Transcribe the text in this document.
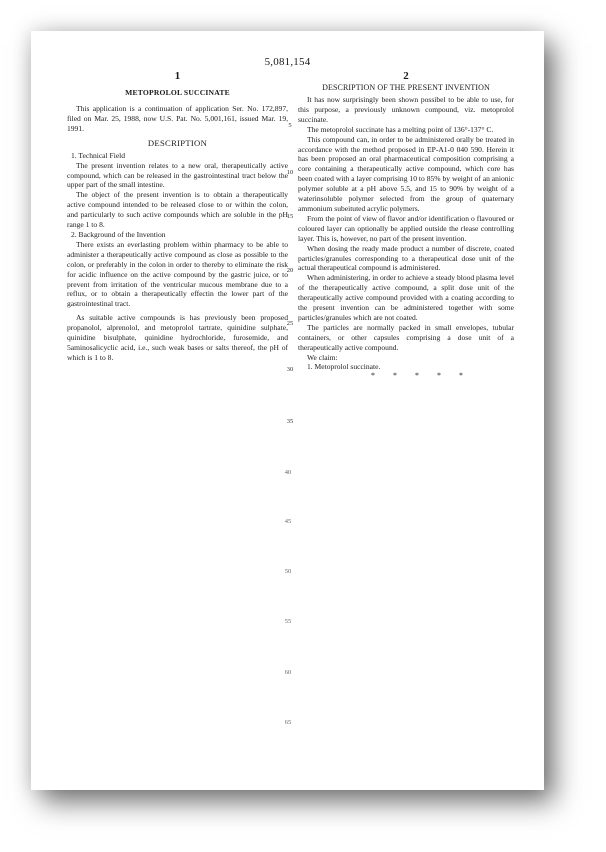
5,081,154
1
METOPROLOL SUCCINATE

This application is a continuation of application Ser. No. 172,897, filed on Mar. 25, 1988, now U.S. Pat. No. 5,001,161, issued Mar. 19, 1991.

DESCRIPTION

1. Technical Field

The present invention relates to a new oral, therapeutically active compound, which can be released in the gastrointestinal tract below the upper part of the small intestine.

The object of the present invention is to obtain a therapeutically active compound intended to be released close to or within the colon, and particularly to such active compounds which are soluble in the pH range 1 to 8.

2. Background of the Invention

There exists an everlasting problem within pharmacy to be able to administer a therapeutically active compound as close as possible to the colon, or preferably in the colon in order to thereby to eliminate the risk for acidic influence on the active compound by the gastric juice, or to prevent from irritation of the ventricular mucous membrane due to a reflux, or to obtain a therapeutically effectin the lower part of the gastrointestinal tract.

As suitable active compounds is has previously been proposed propanolol, alprenolol, and metoprolol tartrate, quinidine sulphate, quinidine bisulphate, quinidine hydrochloride, furosemide, and 5aminosalicyclic acid, i.e., such weak bases or salts thereof, the pH of which is 1 to 8.

2
DESCRIPTION OF THE PRESENT INVENTION

It has now surprisingly been shown possibel to be able to use, for this purpose, a previously unknown compound, viz. metoprolol succinate.

The metoprolol succinate has a melting point of 136°-137° C.

This compound can, in order to be administered orally be treated in accordance with the method proposed in EP-A1-0 040 590. Herein it has been proposed an oral pharmaceutical composition comprising a core containing a therapeutically active compound, which core has been coated with a layer comprising 10 to 85% by weight of an anionic polymer soluble at a pH above 5.5, and 15 to 90% by weight of a waterinsoluble polymer selected from the group of quaternary ammonium subeituted acrylic polymers.

From the point of view of flavor and/or identification o flavoured or coloured layer can optionally be applied outside the rlease controlling layer. This is, however, no part of the present invention.

When dosing the ready made product a number of discrete, coated particles/granules corresponding to a therapeutical dose unit of the actual therapeutical compound is administered.

When administering, in order to achieve a steady blood plasma level of the therapeutically active compound, a split dose unit of the therapeutically active compound provided with a coating according to the present invention can be administered together with some particles/granules which are not coated.

The particles are normally packed in small envelopes, tubular containers, or other capsules comprising a dose unit of a therapeutically active compound.

We claim:

1. Metoprolol succinate.

* * * * *
5
10
15
20
25
30
35
40
45
50
55
60
65
